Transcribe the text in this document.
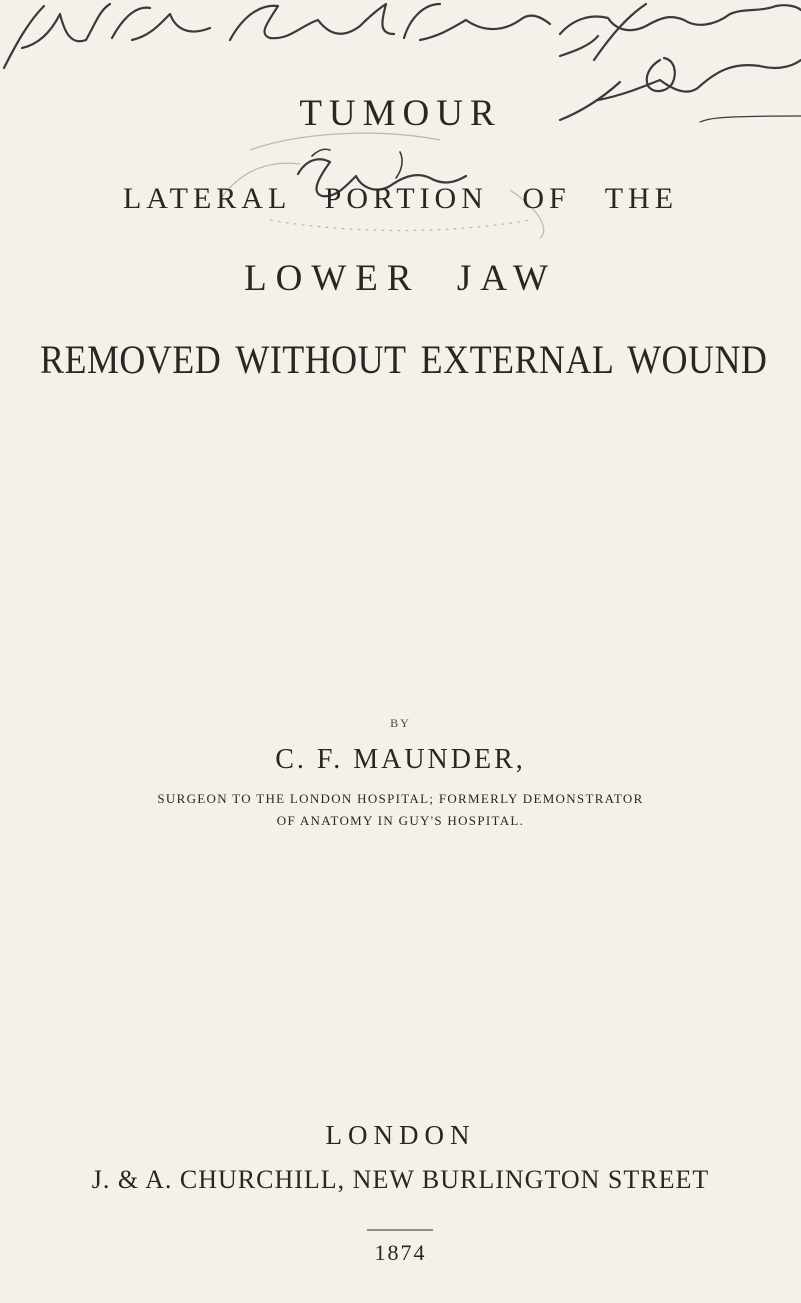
TUMOUR
LATERAL PORTION OF THE
LOWER JAW
REMOVED WITHOUT EXTERNAL WOUND
BY
C. F. MAUNDER,
SURGEON TO THE LONDON HOSPITAL; FORMERLY DEMONSTRATOR
OF ANATOMY IN GUY'S HOSPITAL.
LONDON
J. & A. CHURCHILL, NEW BURLINGTON STREET
1874
